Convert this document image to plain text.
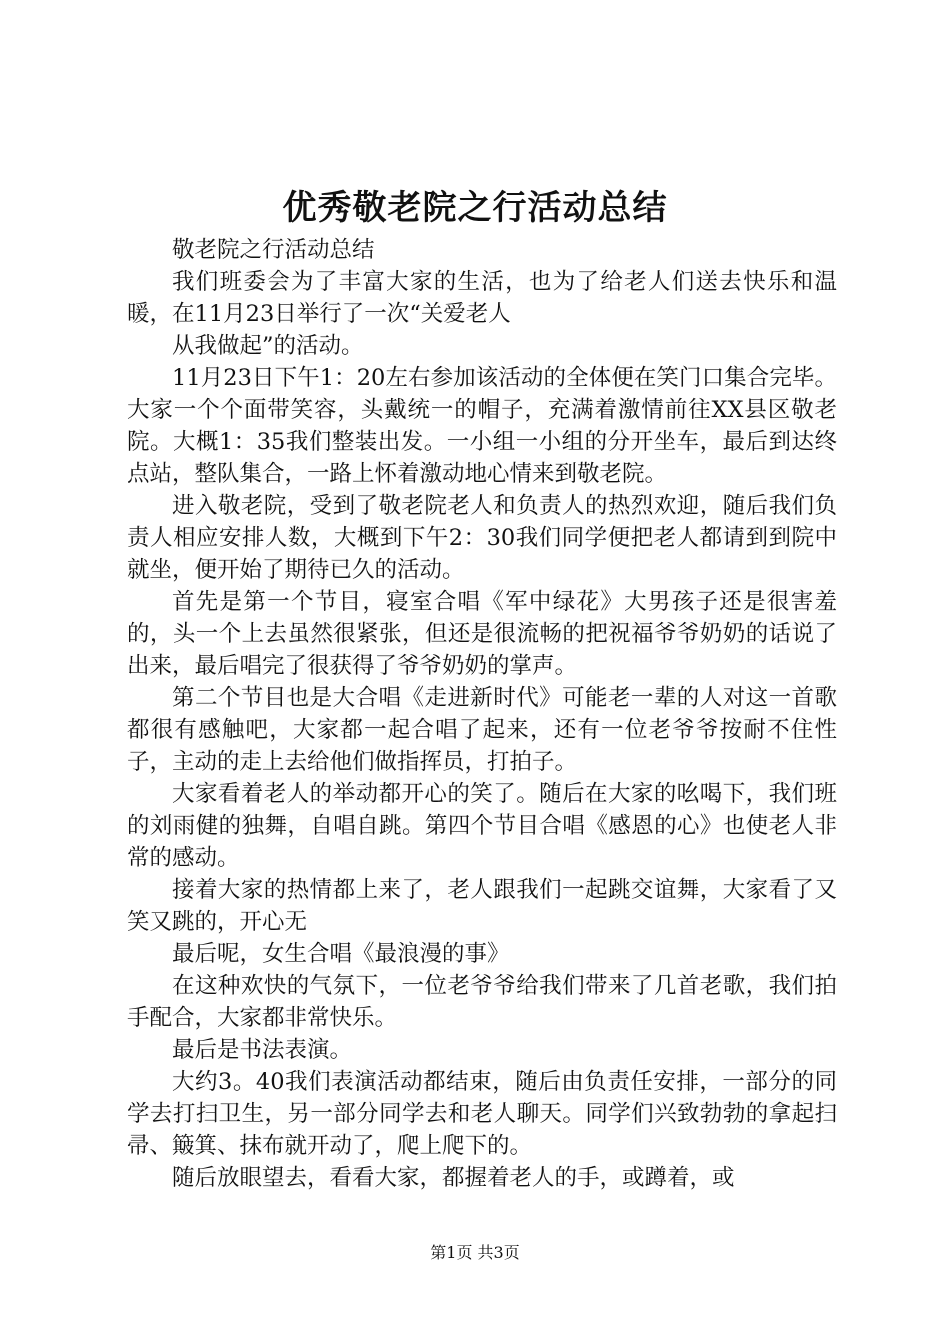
优秀敬老院之行活动总结

敬老院之行活动总结

我们班委会为了丰富大家的生活，也为了给老人们送去快乐和温暖，在11月23日举行了一次“关爱老人

从我做起”的活动。

11月23日下午1：20左右参加该活动的全体便在笑门口集合完毕。大家一个个面带笑容，头戴统一的帽子，充满着激情前往XX县区敬老院。大概1：35我们整装出发。一小组一小组的分开坐车，最后到达终点站，整队集合，一路上怀着激动地心情来到敬老院。

进入敬老院，受到了敬老院老人和负责人的热烈欢迎，随后我们负责人相应安排人数，大概到下午2：30我们同学便把老人都请到到院中就坐，便开始了期待已久的活动。

首先是第一个节目，寝室合唱《军中绿花》大男孩子还是很害羞的，头一个上去虽然很紧张，但还是很流畅的把祝福爷爷奶奶的话说了出来，最后唱完了很获得了爷爷奶奶的掌声。

第二个节目也是大合唱《走进新时代》可能老一辈的人对这一首歌都很有感触吧，大家都一起合唱了起来，还有一位老爷爷按耐不住性子，主动的走上去给他们做指挥员，打拍子。

大家看着老人的举动都开心的笑了。随后在大家的吆喝下，我们班的刘雨健的独舞，自唱自跳。第四个节目合唱《感恩的心》也使老人非常的感动。

接着大家的热情都上来了，老人跟我们一起跳交谊舞，大家看了又笑又跳的，开心无

最后呢，女生合唱《最浪漫的事》

在这种欢快的气氛下，一位老爷爷给我们带来了几首老歌，我们拍手配合，大家都非常快乐。

最后是书法表演。

大约3。40我们表演活动都结束，随后由负责任安排，一部分的同学去打扫卫生，另一部分同学去和老人聊天。同学们兴致勃勃的拿起扫帚、簸箕、抹布就开动了，爬上爬下的。

随后放眼望去，看看大家，都握着老人的手，或蹲着，或

第1页 共3页
